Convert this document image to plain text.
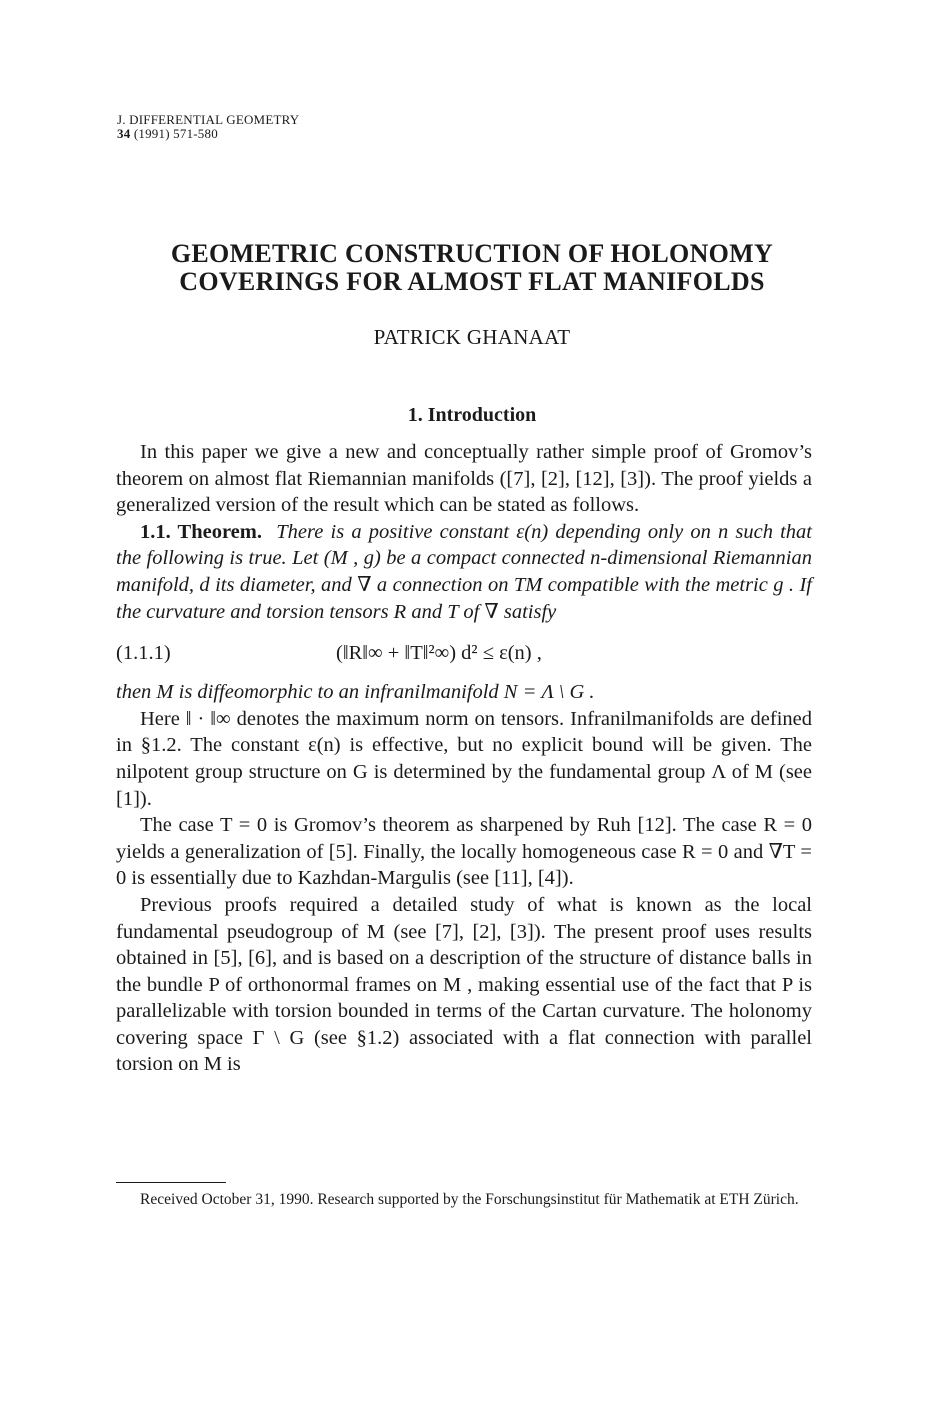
J. DIFFERENTIAL GEOMETRY
34 (1991) 571-580
GEOMETRIC CONSTRUCTION OF HOLONOMY
COVERINGS FOR ALMOST FLAT MANIFOLDS
PATRICK GHANAAT
1. Introduction

In this paper we give a new and conceptually rather simple proof of Gromov’s theorem on almost flat Riemannian manifolds ([7], [2], [12], [3]). The proof yields a generalized version of the result which can be stated as follows.

1.1. Theorem. There is a positive constant ε(n) depending only on n such that the following is true. Let (M , g) be a compact connected n-dimensional Riemannian manifold, d its diameter, and ∇ a connection on TM compatible with the metric g . If the curvature and torsion tensors R and T of ∇ satisfy

(1.1.1)	(‖R‖∞ + ‖T‖²∞) d² ≤ ε(n) ,

then M is diffeomorphic to an infranilmanifold N = Λ \ G .

Here ‖ · ‖∞ denotes the maximum norm on tensors. Infranilmanifolds are defined in §1.2. The constant ε(n) is effective, but no explicit bound will be given. The nilpotent group structure on G is determined by the fundamental group Λ of M (see [1]).

The case T = 0 is Gromov’s theorem as sharpened by Ruh [12]. The case R = 0 yields a generalization of [5]. Finally, the locally homogeneous case R = 0 and ∇T = 0 is essentially due to Kazhdan-Margulis (see [11], [4]).

Previous proofs required a detailed study of what is known as the local fundamental pseudogroup of M (see [7], [2], [3]). The present proof uses results obtained in [5], [6], and is based on a description of the structure of distance balls in the bundle P of orthonormal frames on M , making essential use of the fact that P is parallelizable with torsion bounded in terms of the Cartan curvature. The holonomy covering space Γ \ G (see §1.2) associated with a flat connection with parallel torsion on M is

Received October 31, 1990. Research supported by the Forschungsinstitut für Mathematik at ETH Zürich.
